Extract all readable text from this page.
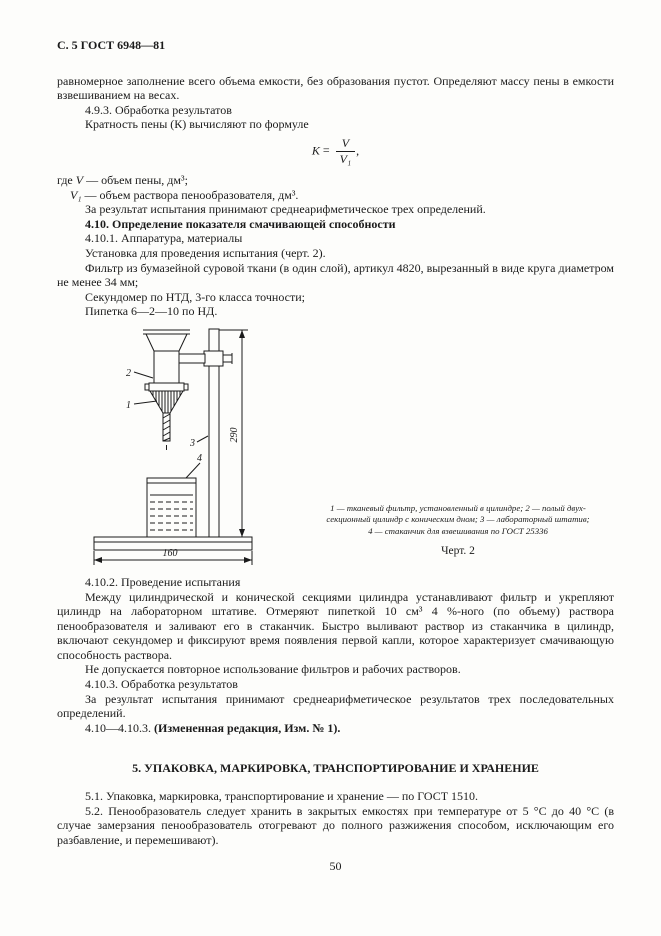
С. 5 ГОСТ 6948—81
равномерное заполнение всего объема емкости, без образования пустот. Определяют массу пены в емкости взвешиванием на весах.
4.9.3. Обработка результатов
Кратность пены (К) вычисляют по формуле
$K = \frac{V}{\text{V₁}}$ ,
где V — объем пены, дм³;
V₁ — объем раствора пенообразователя, дм³.
За результат испытания принимают среднеарифметическое трех определений.
4.10. Определение показателя смачивающей способности
4.10.1. Аппаратура, материалы
Установка для проведения испытания (черт. 2).
Фильтр из бумазейной суровой ткани (в один слой), артикул 4820, вырезанный в виде круга диаметром не менее 34 мм;
Секундомер по НТД, 3-го класса точности;
Пипетка 6—2—10 по НД.
2
1
3
4
290
160
1 — тканевый фильтр, установленный в цилиндре; 2 — полый двух-
секционный цилиндр с коническим дном; 3 — лабораторный штатив;
4 — стаканчик для взвешивания по ГОСТ 25336
Черт. 2
4.10.2. Проведение испытания
Между цилиндрической и конической секциями цилиндра устанавливают фильтр и укрепляют цилиндр на лабораторном штативе. Отмеряют пипеткой 10 см³ 4 %-ного (по объему) раствора пенообразователя и заливают его в стаканчик. Быстро выливают раствор из стаканчика в цилиндр, включают секундомер и фиксируют время появления первой капли, которое характеризует смачивающую способность раствора.
Не допускается повторное использование фильтров и рабочих растворов.
4.10.3. Обработка результатов
За результат испытания принимают среднеарифметическое результатов трех последовательных определений.
4.10—4.10.3. (Измененная редакция, Изм. № 1).
5. УПАКОВКА, МАРКИРОВКА, ТРАНСПОРТИРОВАНИЕ И ХРАНЕНИЕ
5.1. Упаковка, маркировка, транспортирование и хранение — по ГОСТ 1510.
5.2. Пенообразователь следует хранить в закрытых емкостях при температуре от 5 °С до 40 °С (в случае замерзания пенообразователь отогревают до полного разжижения способом, исключающим его разбавление, и перемешивают).
50
